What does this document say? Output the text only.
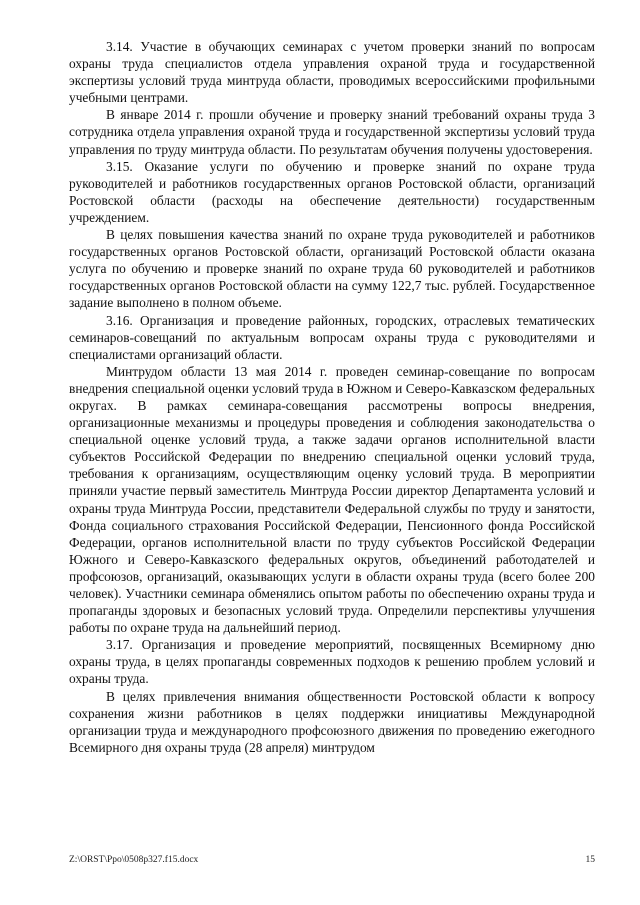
3.14. Участие в обучающих семинарах с учетом проверки знаний по вопросам охраны труда специалистов отдела управления охраной труда и государственной экспертизы условий труда минтруда области, проводимых всероссийскими профильными учебными центрами.

В январе 2014 г. прошли обучение и проверку знаний требований охраны труда 3 сотрудника отдела управления охраной труда и государственной экспертизы условий труда управления по труду минтруда области. По результатам обучения получены удостоверения.

3.15. Оказание услуги по обучению и проверке знаний по охране труда руководителей и работников государственных органов Ростовской области, организаций Ростовской области (расходы на обеспечение деятельности) государственным учреждением.

В целях повышения качества знаний по охране труда руководителей и работников государственных органов Ростовской области, организаций Ростовской области оказана услуга по обучению и проверке знаний по охране труда 60 руководителей и работников государственных органов Ростовской области на сумму 122,7 тыс. рублей. Государственное задание выполнено в полном объеме.

3.16. Организация и проведение районных, городских, отраслевых тематических семинаров-совещаний по актуальным вопросам охраны труда с руководителями и специалистами организаций области.

Минтрудом области 13 мая 2014 г. проведен семинар-совещание по вопросам внедрения специальной оценки условий труда в Южном и Северо-Кавказском федеральных округах. В рамках семинара-совещания рассмотрены вопросы внедрения, организационные механизмы и процедуры проведения и соблюдения законодательства о специальной оценке условий труда, а также задачи органов исполнительной власти субъектов Российской Федерации по внедрению специальной оценки условий труда, требования к организациям, осуществляющим оценку условий труда. В мероприятии приняли участие первый заместитель Минтруда России директор Департамента условий и охраны труда Минтруда России, представители Федеральной службы по труду и занятости, Фонда социального страхования Российской Федерации, Пенсионного фонда Российской Федерации, органов исполнительной власти по труду субъектов Российской Федерации Южного и Северо-Кавказского федеральных округов, объединений работодателей и профсоюзов, организаций, оказывающих услуги в области охраны труда (всего более 200 человек). Участники семинара обменялись опытом работы по обеспечению охраны труда и пропаганды здоровых и безопасных условий труда. Определили перспективы улучшения работы по охране труда на дальнейший период.

3.17. Организация и проведение мероприятий, посвященных Всемирному дню охраны труда, в целях пропаганды современных подходов к решению проблем условий и охраны труда.

В целях привлечения внимания общественности Ростовской области к вопросу сохранения жизни работников в целях поддержки инициативы Международной организации труда и международного профсоюзного движения по проведению ежегодного Всемирного дня охраны труда (28 апреля) минтрудом

Z:\ORST\Ppo\0508p327.f15.docx	15
